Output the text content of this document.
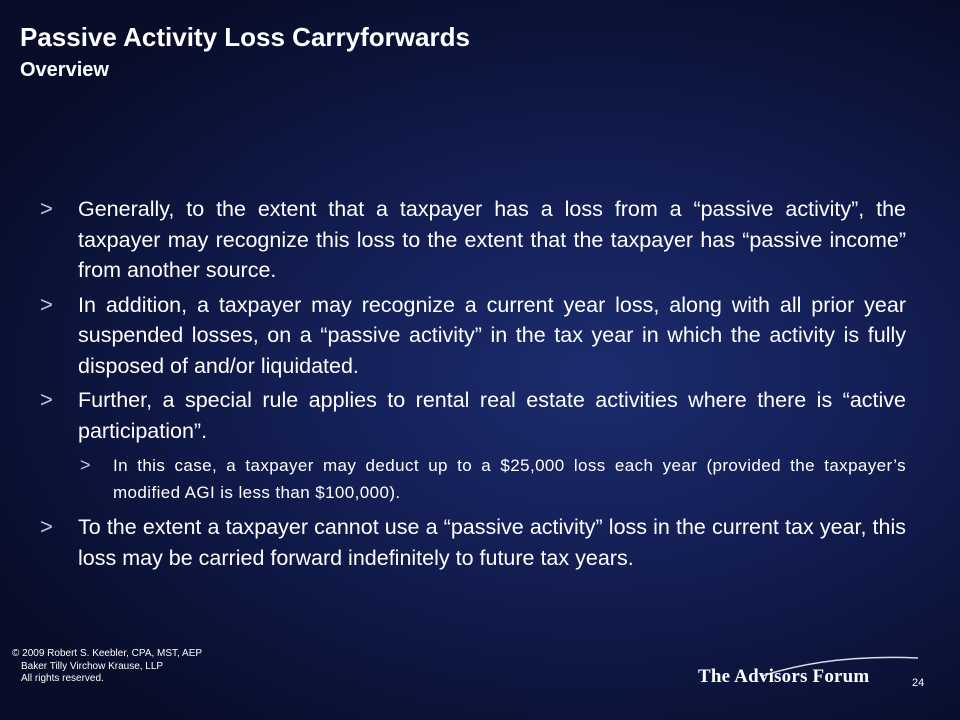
Passive Activity Loss Carryforwards
Overview
> Generally, to the extent that a taxpayer has a loss from a “passive activity”, the taxpayer may recognize this loss to the extent that the taxpayer has “passive income” from another source.
> In addition, a taxpayer may recognize a current year loss, along with all prior year suspended losses, on a “passive activity” in the tax year in which the activity is fully disposed of and/or liquidated.
> Further, a special rule applies to rental real estate activities where there is “active participation”.
> In this case, a taxpayer may deduct up to a $25,000 loss each year (provided the taxpayer’s modified AGI is less than $100,000).
> To the extent a taxpayer cannot use a “passive activity” loss in the current tax year, this loss may be carried forward indefinitely to future tax years.
© 2009 Robert S. Keebler, CPA, MST, AEP
Baker Tilly Virchow Krause, LLP
All rights reserved.	The Advisors Forum	24
